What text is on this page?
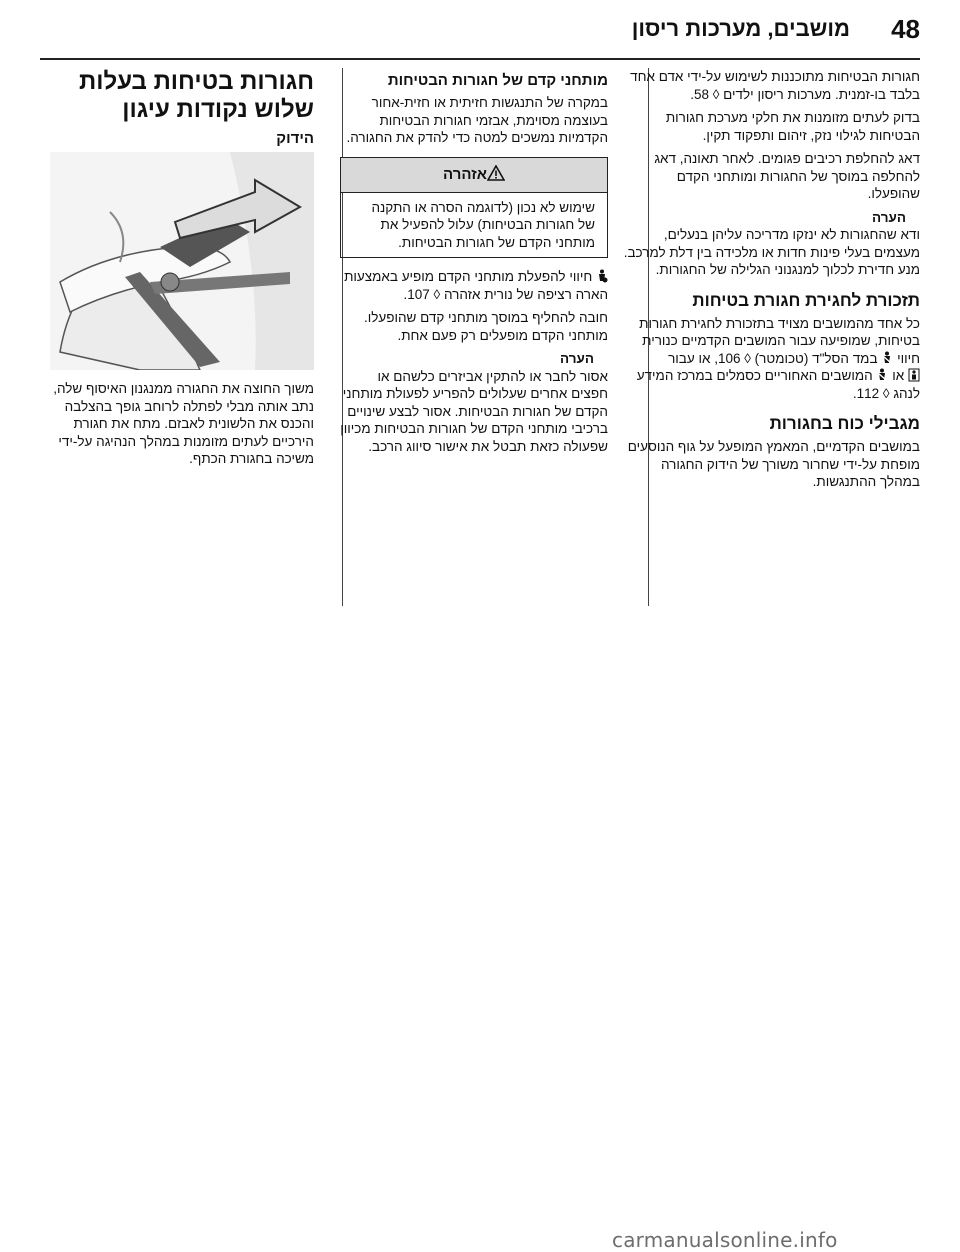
מושבים, מערכות ריסון 48

חגורות הבטיחות מתוכננות לשימוש על-ידי אדם אחד בלבד בו-זמנית. מערכות ריסון ילדים ◊ 58.

בדוק לעתים מזומנות את חלקי מערכת חגורות הבטיחות לגילוי נזק, זיהום ותפקוד תקין.

דאג להחלפת רכיבים פגומים. לאחר תאונה, דאג להחלפה במוסך של החגורות ומותחני הקדם שהופעלו.

הערה

ודא שהחגורות לא ינזקו מדריכה עליהן בנעלים, מעצמים בעלי פינות חדות או מלכידה בין דלת למרכב. מנע חדירת לכלוך למנגנוני הגלילה של החגורות.

תזכורת לחגירת חגורת בטיחות

כל אחד מהמושבים מצויד בתזכורת לחגירת חגורות בטיחות, שמופיעה עבור המושבים הקדמיים כנורית חיווי  במד הסל"ד (טכומטר) ◊ 106, או עבור

או  המושבים האחוריים כסמלים במרכז המידע לנהג ◊ 112.

מגבילי כוח בחגורות

במושבים הקדמיים, המאמץ המופעל על גוף הנוסעים מופחת על-ידי שחרור משורך של הידוק החגורה במהלך ההתנגשות.

מותחני קדם של חגורות הבטיחות

במקרה של התנגשות חזיתית או חזית-אחור בעוצמה מסוימת, אבזמי חגורות הבטיחות הקדמיות נמשכים למטה כדי להדק את החגורה.

אזהרה
שימוש לא נכון (לדוגמה הסרה או התקנה של חגורות הבטיחות) עלול להפעיל את מותחני הקדם של חגורות הבטיחות.

חיווי להפעלת מותחני הקדם מופיע באמצעות הארה רציפה של נורית אזהרה ◊ 107.

חובה להחליף במוסך מותחני קדם שהופעלו. מותחני הקדם מופעלים רק פעם אחת.

הערה

אסור לחבר או להתקין אביזרים כלשהם או חפצים אחרים שעלולים להפריע לפעולת מותחני הקדם של חגורות הבטיחות. אסור לבצע שינויים ברכיבי מותחני הקדם של חגורות הבטיחות מכיוון שפעולה כזאת תבטל את אישור סיווג הרכב.

חגורות בטיחות בעלות שלוש נקודות עיגון
הידוק

משוך החוצה את החגורה ממנגנון האיסוף שלה, נתב אותה מבלי לפתלה לרוחב גופך בהצלבה והכנס את הלשונית לאבזם. מתח את חגורת הירכיים לעתים מזומנות במהלך הנהיגה על-ידי משיכה בחגורת הכתף.

carmanualsonline.info
